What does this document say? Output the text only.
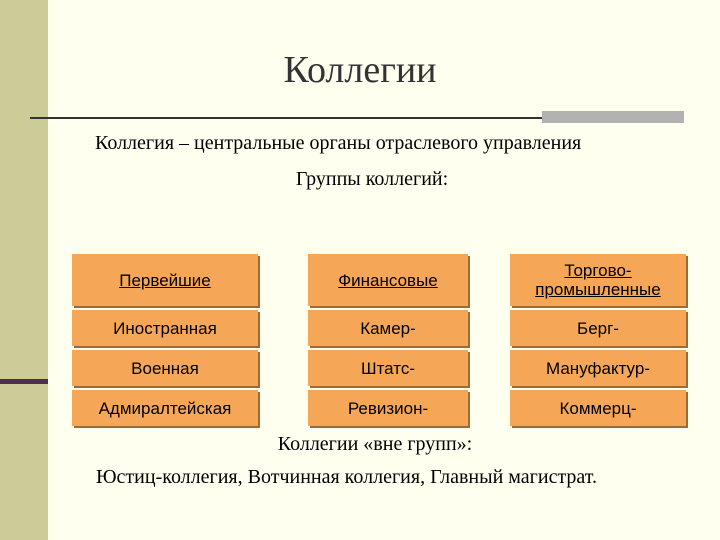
Коллегии
Коллегия – центральные органы отраслевого управления
Группы коллегий:
Первейшие
Иностранная
Военная
Адмиралтейская
Финансовые
Камер-
Штатс-
Ревизион-
Торгово-промышленные
Берг-
Мануфактур-
Коммерц-
Коллегии «вне групп»:
Юстиц-коллегия, Вотчинная коллегия, Главный магистрат.
